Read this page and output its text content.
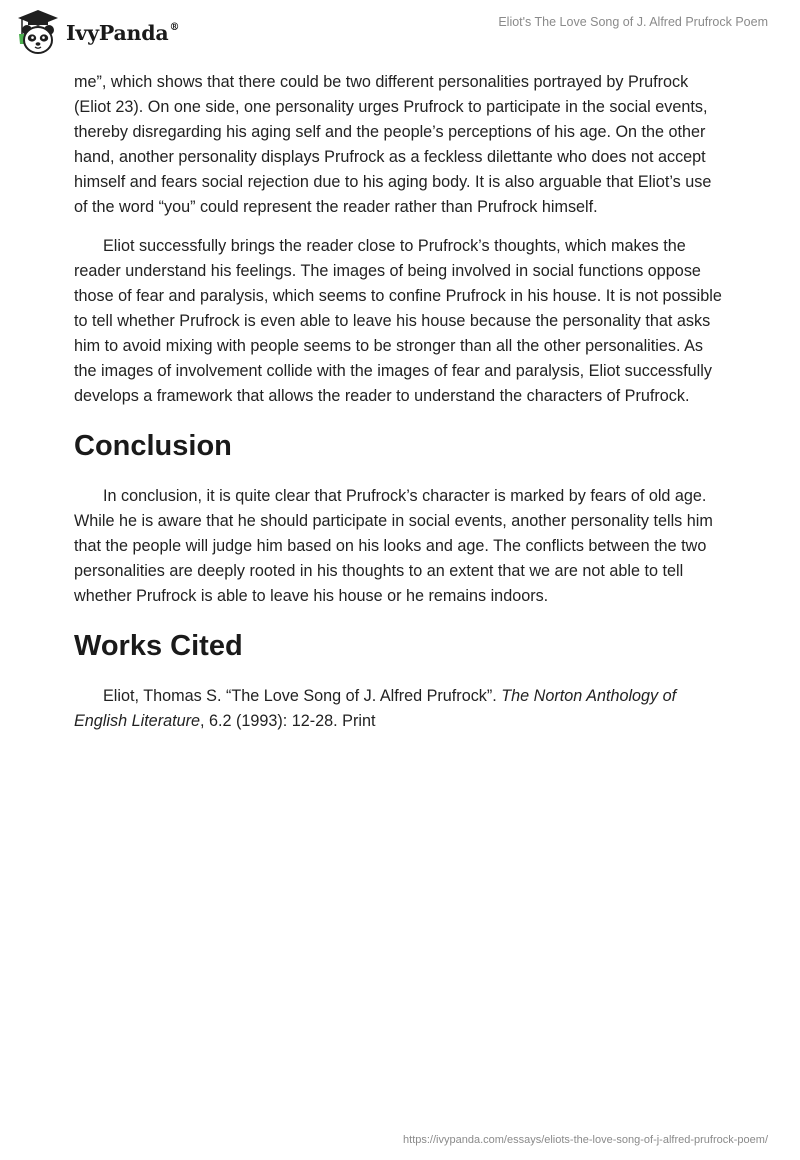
IvyPanda®	Eliot's The Love Song of J. Alfred Prufrock Poem

me”, which shows that there could be two different personalities portrayed by Prufrock (Eliot 23). On one side, one personality urges Prufrock to participate in the social events, thereby disregarding his aging self and the people’s perceptions of his age. On the other hand, another personality displays Prufrock as a feckless dilettante who does not accept himself and fears social rejection due to his aging body. It is also arguable that Eliot’s use of the word “you” could represent the reader rather than Prufrock himself.

Eliot successfully brings the reader close to Prufrock’s thoughts, which makes the reader understand his feelings. The images of being involved in social functions oppose those of fear and paralysis, which seems to confine Prufrock in his house. It is not possible to tell whether Prufrock is even able to leave his house because the personality that asks him to avoid mixing with people seems to be stronger than all the other personalities. As the images of involvement collide with the images of fear and paralysis, Eliot successfully develops a framework that allows the reader to understand the characters of Prufrock.

Conclusion

In conclusion, it is quite clear that Prufrock’s character is marked by fears of old age. While he is aware that he should participate in social events, another personality tells him that the people will judge him based on his looks and age. The conflicts between the two personalities are deeply rooted in his thoughts to an extent that we are not able to tell whether Prufrock is able to leave his house or he remains indoors.

Works Cited

Eliot, Thomas S. “The Love Song of J. Alfred Prufrock”. The Norton Anthology of English Literature, 6.2 (1993): 12-28. Print

https://ivypanda.com/essays/eliots-the-love-song-of-j-alfred-prufrock-poem/
